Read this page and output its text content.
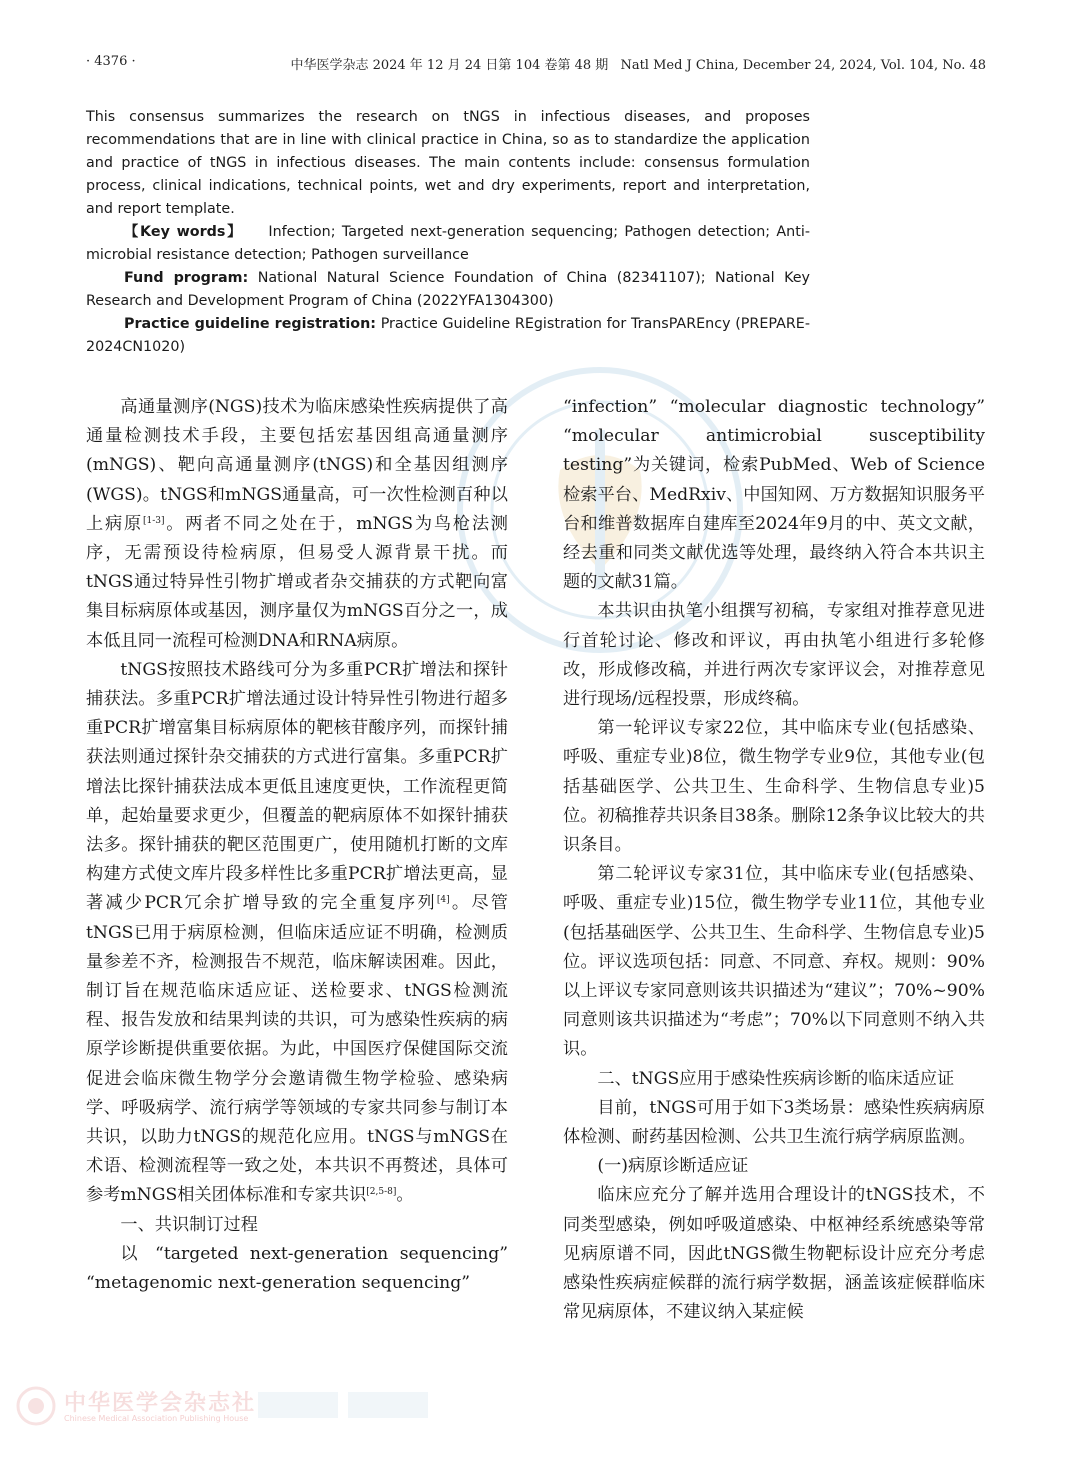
中华医学会杂志社
Chinese Medical Association Publishing House
· 4376 ·	中华医学杂志 2024 年 12 月 24 日第 104 卷第 48 期 Natl Med J China, December 24, 2024, Vol. 104, No. 48

This consensus summarizes the research on tNGS in infectious diseases, and proposes recommendations that are in line with clinical practice in China, so as to standardize the application and practice of tNGS in infectious diseases. The main contents include: consensus formulation process, clinical indications, technical points, wet and dry experiments, report and interpretation, and report template.

【Key words】 Infection; Targeted next-generation sequencing; Pathogen detection; Anti-microbial resistance detection; Pathogen surveillance

Fund program: National Natural Science Foundation of China (82341107); National Key Research and Development Program of China (2022YFA1304300)

Practice guideline registration: Practice Guideline REgistration for TransPAREncy (PREPARE-2024CN1020)

高通量测序(NGS)技术为临床感染性疾病提供了高通量检测技术手段，主要包括宏基因组高通量测序(mNGS)、靶向高通量测序(tNGS)和全基因组测序(WGS)。tNGS和mNGS通量高，可一次性检测百种以上病原[1-3]。两者不同之处在于，mNGS为鸟枪法测序，无需预设待检病原，但易受人源背景干扰。而tNGS通过特异性引物扩增或者杂交捕获的方式靶向富集目标病原体或基因，测序量仅为mNGS百分之一，成本低且同一流程可检测DNA和RNA病原。

tNGS按照技术路线可分为多重PCR扩增法和探针捕获法。多重PCR扩增法通过设计特异性引物进行超多重PCR扩增富集目标病原体的靶核苷酸序列，而探针捕获法则通过探针杂交捕获的方式进行富集。多重PCR扩增法比探针捕获法成本更低且速度更快，工作流程更简单，起始量要求更少，但覆盖的靶病原体不如探针捕获法多。探针捕获的靶区范围更广，使用随机打断的文库构建方式使文库片段多样性比多重PCR扩增法更高，显著减少PCR冗余扩增导致的完全重复序列[4]。尽管tNGS已用于病原检测，但临床适应证不明确，检测质量参差不齐，检测报告不规范，临床解读困难。因此，制订旨在规范临床适应证、送检要求、tNGS检测流程、报告发放和结果判读的共识，可为感染性疾病的病原学诊断提供重要依据。为此，中国医疗保健国际交流促进会临床微生物学分会邀请微生物学检验、感染病学、呼吸病学、流行病学等领域的专家共同参与制订本共识，以助力tNGS的规范化应用。tNGS与mNGS在术语、检测流程等一致之处，本共识不再赘述，具体可参考mNGS相关团体标准和专家共识[2,5-8]。

一、共识制订过程

以 “targeted next-generation sequencing” “metagenomic next-generation sequencing”

“infection” “molecular diagnostic technology” “molecular antimicrobial susceptibility testing”为关键词，检索PubMed、Web of Science检索平台、MedRxiv、中国知网、万方数据知识服务平台和维普数据库自建库至2024年9月的中、英文文献，经去重和同类文献优选等处理，最终纳入符合本共识主题的文献31篇。

本共识由执笔小组撰写初稿，专家组对推荐意见进行首轮讨论、修改和评议，再由执笔小组进行多轮修改，形成修改稿，并进行两次专家评议会，对推荐意见进行现场/远程投票，形成终稿。

第一轮评议专家22位，其中临床专业(包括感染、呼吸、重症专业)8位，微生物学专业9位，其他专业(包括基础医学、公共卫生、生命科学、生物信息专业)5位。初稿推荐共识条目38条。删除12条争议比较大的共识条目。

第二轮评议专家31位，其中临床专业(包括感染、呼吸、重症专业)15位，微生物学专业11位，其他专业(包括基础医学、公共卫生、生命科学、生物信息专业)5位。评议选项包括：同意、不同意、弃权。规则：90%以上评议专家同意则该共识描述为“建议”；70%~90%同意则该共识描述为“考虑”；70%以下同意则不纳入共识。

二、tNGS应用于感染性疾病诊断的临床适应证

目前，tNGS可用于如下3类场景：感染性疾病病原体检测、耐药基因检测、公共卫生流行病学病原监测。

(一)病原诊断适应证

临床应充分了解并选用合理设计的tNGS技术，不同类型感染，例如呼吸道感染、中枢神经系统感染等常见病原谱不同，因此tNGS微生物靶标设计应充分考虑感染性疾病症候群的流行病学数据，涵盖该症候群临床常见病原体，不建议纳入某症候
